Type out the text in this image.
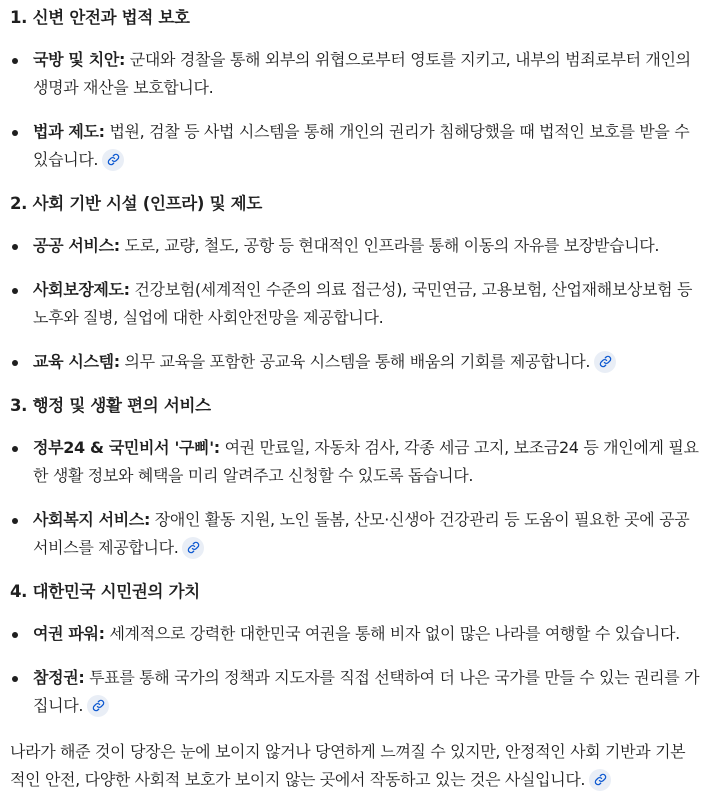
1. 신변 안전과 법적 보호
국방 및 치안: 군대와 경찰을 통해 외부의 위협으로부터 영토를 지키고, 내부의 범죄로부터 개인의 생명과 재산을 보호합니다.
법과 제도: 법원, 검찰 등 사법 시스템을 통해 개인의 권리가 침해당했을 때 법적인 보호를 받을 수 있습니다.
2. 사회 기반 시설 (인프라) 및 제도
공공 서비스: 도로, 교량, 철도, 공항 등 현대적인 인프라를 통해 이동의 자유를 보장받습니다.
사회보장제도: 건강보험(세계적인 수준의 의료 접근성), 국민연금, 고용보험, 산업재해보상보험 등 노후와 질병, 실업에 대한 사회안전망을 제공합니다.
교육 시스템: 의무 교육을 포함한 공교육 시스템을 통해 배움의 기회를 제공합니다.
3. 행정 및 생활 편의 서비스
정부24 & 국민비서 '구삐': 여권 만료일, 자동차 검사, 각종 세금 고지, 보조금24 등 개인에게 필요한 생활 정보와 혜택을 미리 알려주고 신청할 수 있도록 돕습니다.
사회복지 서비스: 장애인 활동 지원, 노인 돌봄, 산모·신생아 건강관리 등 도움이 필요한 곳에 공공 서비스를 제공합니다.
4. 대한민국 시민권의 가치
여권 파워: 세계적으로 강력한 대한민국 여권을 통해 비자 없이 많은 나라를 여행할 수 있습니다.
참정권: 투표를 통해 국가의 정책과 지도자를 직접 선택하여 더 나은 국가를 만들 수 있는 권리를 가집니다.

나라가 해준 것이 당장은 눈에 보이지 않거나 당연하게 느껴질 수 있지만, 안정적인 사회 기반과 기본적인 안전, 다양한 사회적 보호가 보이지 않는 곳에서 작동하고 있는 것은 사실입니다.
